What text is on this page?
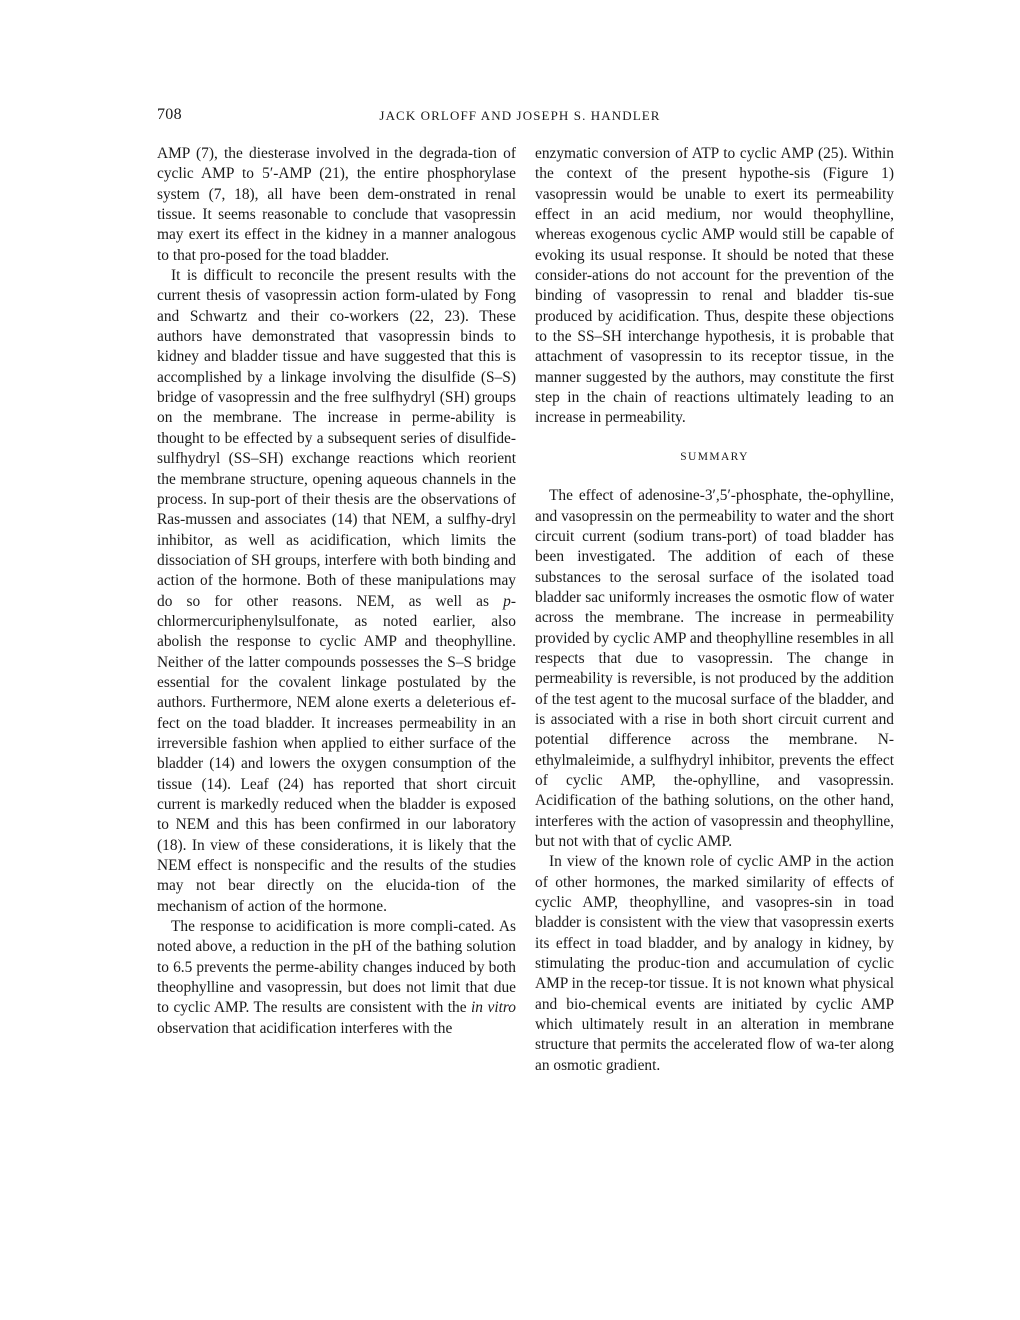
708	JACK ORLOFF AND JOSEPH S. HANDLER

AMP (7), the diesterase involved in the degrada-tion of cyclic AMP to 5′-AMP (21), the entire phosphorylase system (7, 18), all have been dem-onstrated in renal tissue. It seems reasonable to conclude that vasopressin may exert its effect in the kidney in a manner analogous to that pro-posed for the toad bladder.

It is difficult to reconcile the present results with the current thesis of vasopressin action form-ulated by Fong and Schwartz and their co-workers (22, 23). These authors have demonstrated that vasopressin binds to kidney and bladder tissue and have suggested that this is accomplished by a linkage involving the disulfide (S–S) bridge of vasopressin and the free sulfhydryl (SH) groups on the membrane. The increase in perme-ability is thought to be effected by a subsequent series of disulfide-sulfhydryl (SS–SH) exchange reactions which reorient the membrane structure, opening aqueous channels in the process. In sup-port of their thesis are the observations of Ras-mussen and associates (14) that NEM, a sulfhy-dryl inhibitor, as well as acidification, which limits the dissociation of SH groups, interfere with both binding and action of the hormone. Both of these manipulations may do so for other reasons. NEM, as well as p-chlormercuriphenylsulfonate, as noted earlier, also abolish the response to cyclic AMP and theophylline. Neither of the latter compounds possesses the S–S bridge essential for the covalent linkage postulated by the authors. Furthermore, NEM alone exerts a deleterious ef-fect on the toad bladder. It increases permeability in an irreversible fashion when applied to either surface of the bladder (14) and lowers the oxygen consumption of the tissue (14). Leaf (24) has reported that short circuit current is markedly reduced when the bladder is exposed to NEM and this has been confirmed in our laboratory (18). In view of these considerations, it is likely that the NEM effect is nonspecific and the results of the studies may not bear directly on the elucida-tion of the mechanism of action of the hormone.

The response to acidification is more compli-cated. As noted above, a reduction in the pH of the bathing solution to 6.5 prevents the perme-ability changes induced by both theophylline and vasopressin, but does not limit that due to cyclic AMP. The results are consistent with the in vitro observation that acidification interferes with the

enzymatic conversion of ATP to cyclic AMP (25). Within the context of the present hypothe-sis (Figure 1) vasopressin would be unable to exert its permeability effect in an acid medium, nor would theophylline, whereas exogenous cyclic AMP would still be capable of evoking its usual response. It should be noted that these consider-ations do not account for the prevention of the binding of vasopressin to renal and bladder tis-sue produced by acidification. Thus, despite these objections to the SS–SH interchange hypothesis, it is probable that attachment of vasopressin to its receptor tissue, in the manner suggested by the authors, may constitute the first step in the chain of reactions ultimately leading to an increase in permeability.

SUMMARY

The effect of adenosine-3′,5′-phosphate, the-ophylline, and vasopressin on the permeability to water and the short circuit current (sodium trans-port) of toad bladder has been investigated. The addition of each of these substances to the serosal surface of the isolated toad bladder sac uniformly increases the osmotic flow of water across the membrane. The increase in permeability provided by cyclic AMP and theophylline resembles in all respects that due to vasopressin. The change in permeability is reversible, is not produced by the addition of the test agent to the mucosal surface of the bladder, and is associated with a rise in both short circuit current and potential difference across the membrane. N-ethylmaleimide, a sulfhydryl inhibitor, prevents the effect of cyclic AMP, the-ophylline, and vasopressin. Acidification of the bathing solutions, on the other hand, interferes with the action of vasopressin and theophylline, but not with that of cyclic AMP.

In view of the known role of cyclic AMP in the action of other hormones, the marked similarity of effects of cyclic AMP, theophylline, and vasopres-sin in toad bladder is consistent with the view that vasopressin exerts its effect in toad bladder, and by analogy in kidney, by stimulating the produc-tion and accumulation of cyclic AMP in the recep-tor tissue. It is not known what physical and bio-chemical events are initiated by cyclic AMP which ultimately result in an alteration in membrane structure that permits the accelerated flow of wa-ter along an osmotic gradient.
